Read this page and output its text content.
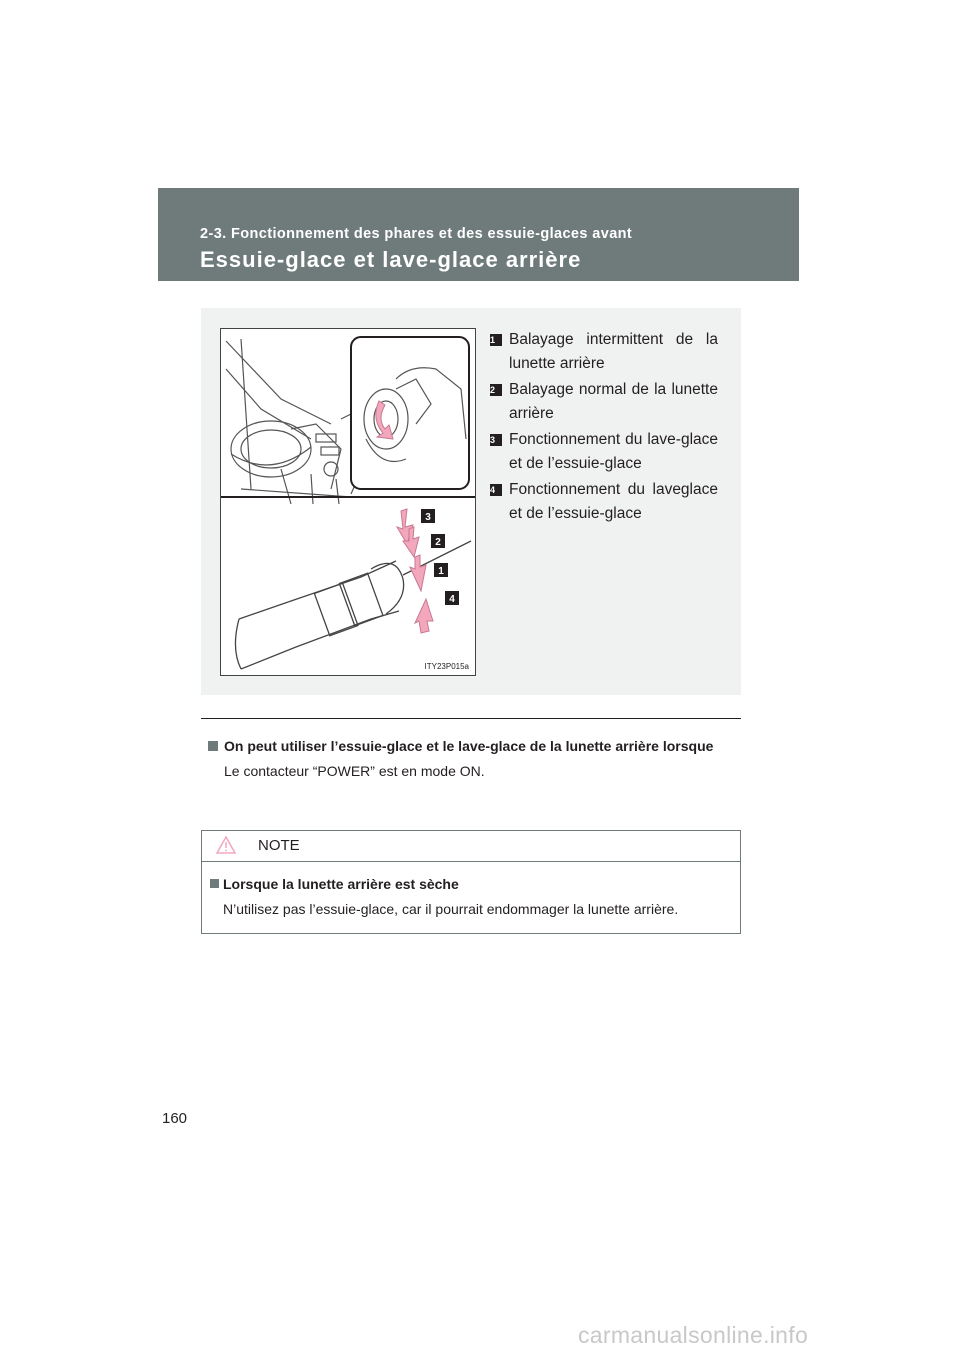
2-3. Fonctionnement des phares et des essuie-glaces avant
Essuie-glace et lave-glace arrière
3
2
1
4
ITY23P015a
1 Balayage intermittent de la lunette arrière
2 Balayage normal de la lunette arrière
3 Fonctionnement du lave-glace et de l’essuie-glace
4 Fonctionnement du laveglace et de l’essuie-glace
On peut utiliser l’essuie-glace et le lave-glace de la lunette arrière lorsque
Le contacteur “POWER” est en mode ON.
NOTE
Lorsque la lunette arrière est sèche
N’utilisez pas l’essuie-glace, car il pourrait endommager la lunette arrière.
160
carmanualsonline.info
